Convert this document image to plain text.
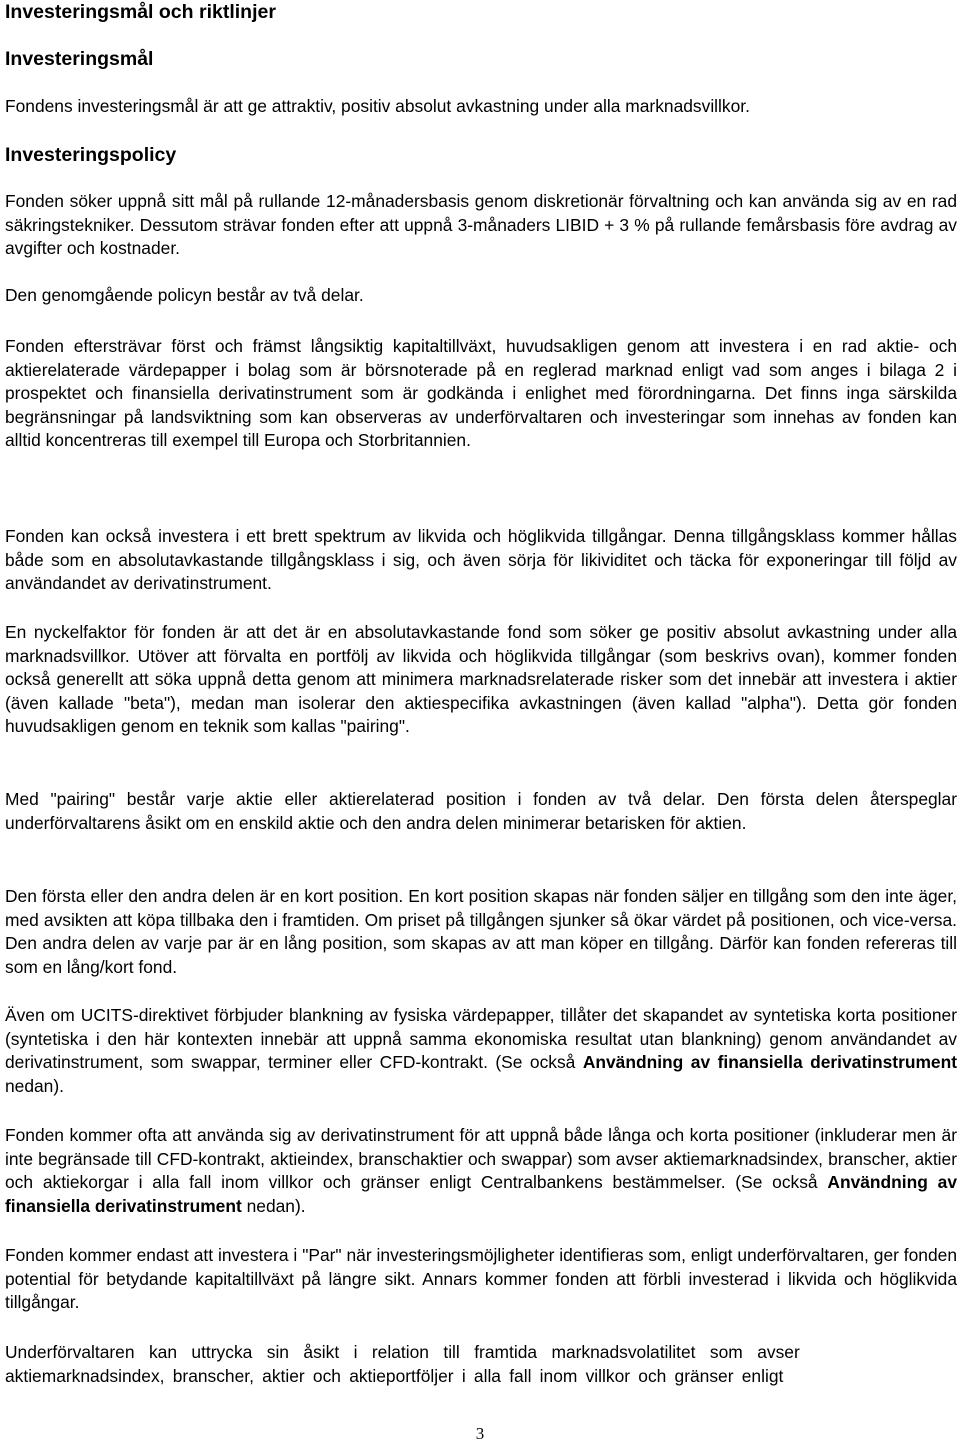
Investeringsmål och riktlinjer
Investeringsmål

Fondens investeringsmål är att ge attraktiv, positiv absolut avkastning under alla marknadsvillkor.

Investeringspolicy

Fonden söker uppnå sitt mål på rullande 12-månadersbasis genom diskretionär förvaltning och kan använda sig av en rad säkringstekniker. Dessutom strävar fonden efter att uppnå 3-månaders LIBID + 3 % på rullande femårsbasis före avdrag av avgifter och kostnader.

Den genomgående policyn består av två delar.

Fonden eftersträvar först och främst långsiktig kapitaltillväxt, huvudsakligen genom att investera i en rad aktie- och aktierelaterade värdepapper i bolag som är börsnoterade på en reglerad marknad enligt vad som anges i bilaga 2 i prospektet och finansiella derivatinstrument som är godkända i enlighet med förordningarna. Det finns inga särskilda begränsningar på landsviktning som kan observeras av underförvaltaren och investeringar som innehas av fonden kan alltid koncentreras till exempel till Europa och Storbritannien.

Fonden kan också investera i ett brett spektrum av likvida och höglikvida tillgångar. Denna tillgångsklass kommer hållas både som en absolutavkastande tillgångsklass i sig, och även sörja för likividitet och täcka för exponeringar till följd av användandet av derivatinstrument.

En nyckelfaktor för fonden är att det är en absolutavkastande fond som söker ge positiv absolut avkastning under alla marknadsvillkor. Utöver att förvalta en portfölj av likvida och höglikvida tillgångar (som beskrivs ovan), kommer fonden också generellt att söka uppnå detta genom att minimera marknadsrelaterade risker som det innebär att investera i aktier (även kallade "beta"), medan man isolerar den aktiespecifika avkastningen (även kallad "alpha"). Detta gör fonden huvudsakligen genom en teknik som kallas "pairing".

Med "pairing" består varje aktie eller aktierelaterad position i fonden av två delar. Den första delen återspeglar underförvaltarens åsikt om en enskild aktie och den andra delen minimerar betarisken för aktien.

Den första eller den andra delen är en kort position. En kort position skapas när fonden säljer en tillgång som den inte äger, med avsikten att köpa tillbaka den i framtiden. Om priset på tillgången sjunker så ökar värdet på positionen, och vice-versa. Den andra delen av varje par är en lång position, som skapas av att man köper en tillgång. Därför kan fonden refereras till som en lång/kort fond.

Även om UCITS-direktivet förbjuder blankning av fysiska värdepapper, tillåter det skapandet av syntetiska korta positioner (syntetiska i den här kontexten innebär att uppnå samma ekonomiska resultat utan blankning) genom användandet av derivatinstrument, som swappar, terminer eller CFD-kontrakt. (Se också Användning av finansiella derivatinstrument nedan).

Fonden kommer ofta att använda sig av derivatinstrument för att uppnå både långa och korta positioner (inkluderar men är inte begränsade till CFD-kontrakt, aktieindex, branschaktier och swappar) som avser aktiemarknadsindex, branscher, aktier och aktiekorgar i alla fall inom villkor och gränser enligt Centralbankens bestämmelser. (Se också Användning av finansiella derivatinstrument nedan).

Fonden kommer endast att investera i "Par" när investeringsmöjligheter identifieras som, enligt underförvaltaren, ger fonden potential för betydande kapitaltillväxt på längre sikt. Annars kommer fonden att förbli investerad i likvida och höglikvida tillgångar.

Underförvaltaren kan uttrycka sin åsikt i relation till framtida marknadsvolatilitet som avser
aktiemarknadsindex, branscher, aktier och aktieportföljer i alla fall inom villkor och gränser enligt

3
